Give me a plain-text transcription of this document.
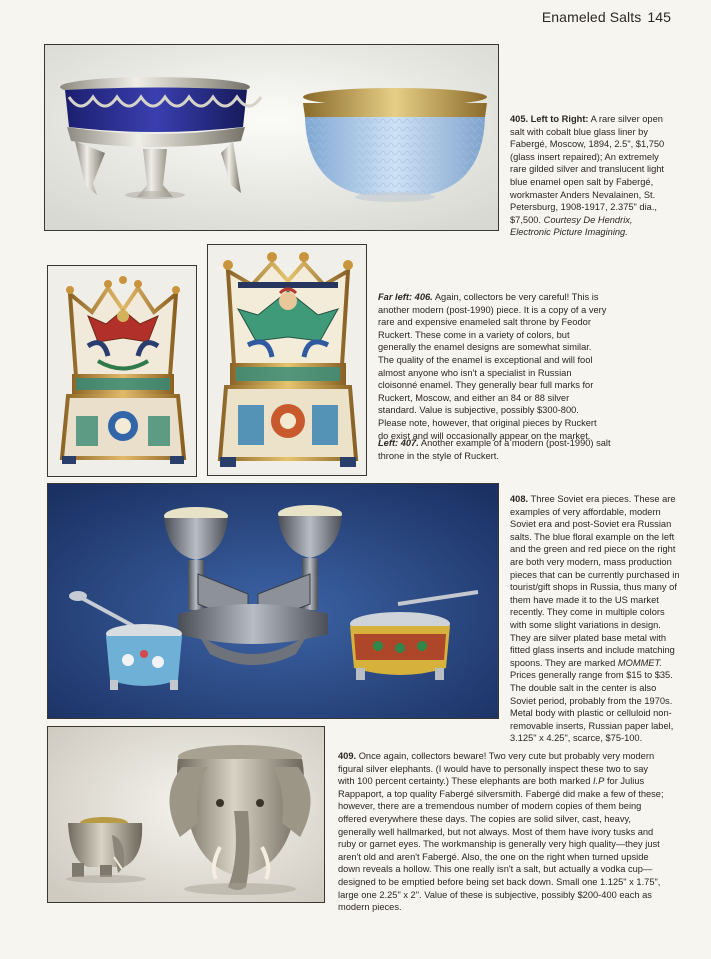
Enameled Salts 145

405. Left to Right: A rare silver open salt with cobalt blue glass liner by Fabergé, Moscow, 1894, 2.5", $1,750 (glass insert repaired); An extremely rare gilded silver and translucent light blue enamel open salt by Fabergé, workmaster Anders Nevalainen, St. Petersburg, 1908-1917, 2.375" dia., $7,500. Courtesy De Hendrix, Electronic Picture Imagining.

Far left: 406. Again, collectors be very careful! This is another modern (post-1990) piece. It is a copy of a very rare and expensive enameled salt throne by Feodor Ruckert. These come in a variety of colors, but generally the enamel designs are somewhat similar. The quality of the enamel is exceptional and will fool almost anyone who isn't a specialist in Russian cloisonné enamel. They generally bear full marks for Ruckert, Moscow, and either an 84 or 88 silver standard. Value is subjective, possibly $300-800. Please note, however, that original pieces by Ruckert do exist and will occasionally appear on the market.

Left: 407. Another example of a modern (post-1990) salt throne in the style of Ruckert.

408. Three Soviet era pieces. These are examples of very affordable, modern Soviet era and post-Soviet era Russian salts. The blue floral example on the left and the green and red piece on the right are both very modern, mass production pieces that can be currently purchased in tourist/gift shops in Russia, thus many of them have made it to the US market recently. They come in multiple colors with some slight variations in design. They are silver plated base metal with fitted glass inserts and include matching spoons. They are marked MOMMET. Prices generally range from $15 to $35. The double salt in the center is also Soviet period, probably from the 1970s. Metal body with plastic or celluloid non-removable inserts, Russian paper label, 3.125" x 4.25", scarce, $75-100.

409. Once again, collectors beware! Two very cute but probably very modern figural silver elephants. (I would have to personally inspect these two to say with 100 percent certainty.) These elephants are both marked I.P for Julius Rappaport, a top quality Fabergé silversmith. Fabergé did make a few of these; however, there are a tremendous number of modern copies of them being offered everywhere these days. The copies are solid silver, cast, heavy, generally well hallmarked, but not always. Most of them have ivory tusks and ruby or garnet eyes. The workmanship is generally very high quality—they just aren't old and aren't Fabergé. Also, the one on the right when turned upside down reveals a hollow. This one really isn't a salt, but actually a vodka cup—designed to be emptied before being set back down. Small one 1.125" x 1.75", large one 2.25" x 2". Value of these is subjective, possibly $200-400 each as modern pieces.
